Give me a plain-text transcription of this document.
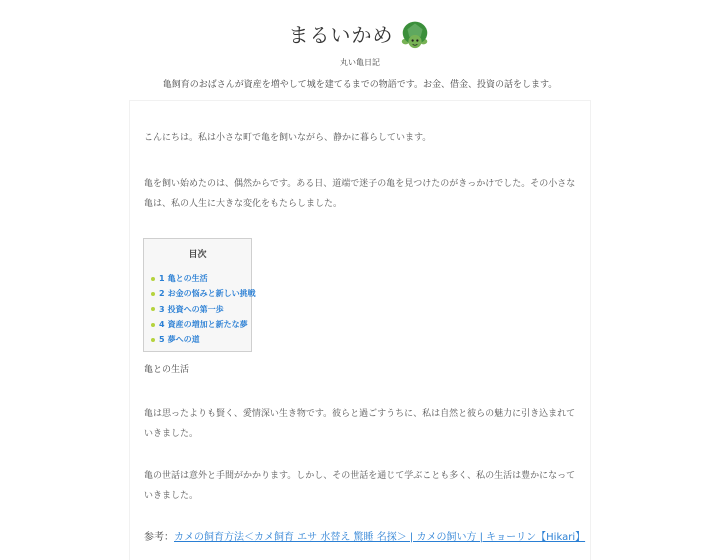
まるいかめ
丸い亀日記
亀飼育のおばさんが資産を増やして城を建てるまでの物語です。お金、借金、投資の話をします。
こんにちは。私は小さな町で亀を飼いながら、静かに暮らしています。
亀を飼い始めたのは、偶然からです。ある日、道端で迷子の亀を見つけたのがきっかけでした。その小さな
亀は、私の人生に大きな変化をもたらしました。
目次
1 亀との生活
2 お金の悩みと新しい挑戦
3 投資への第一歩
4 資産の増加と新たな夢
5 夢への道
亀との生活
亀は思ったよりも賢く、愛情深い生き物です。彼らと過ごすうちに、私は自然と彼らの魅力に引き込まれて
いきました。
亀の世話は意外と手間がかかります。しかし、その世話を通じて学ぶことも多く、私の生活は豊かになって
いきました。
参考：カメの飼育方法＜カメ飼育 エサ 水替え 驚睡 名探＞ | カメの飼い方 | キョーリン【Hikari】
